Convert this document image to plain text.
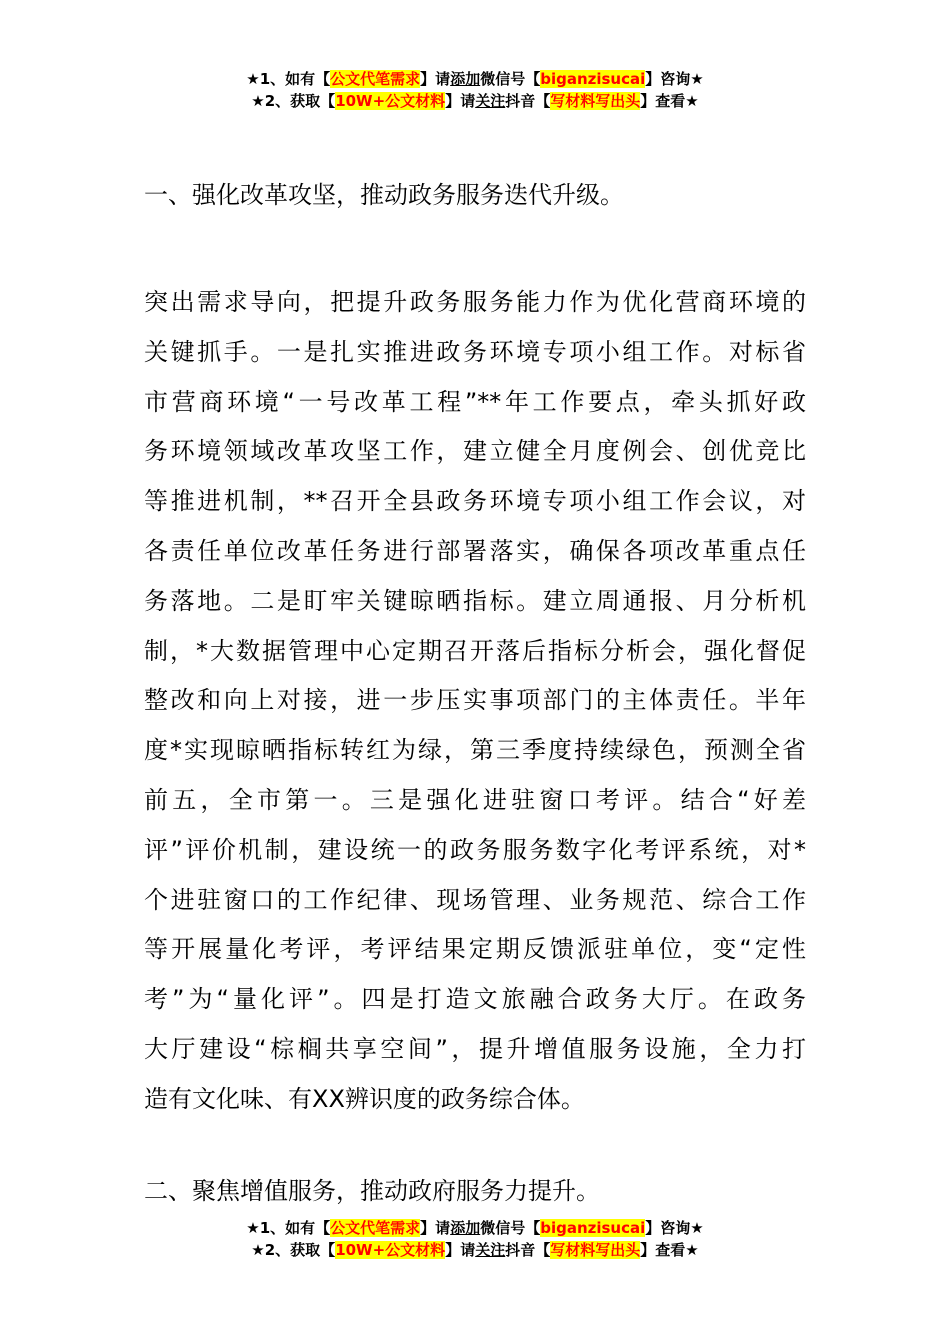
★1、如有【公文代笔需求】请添加微信号【biganzisucai】咨询★
★2、获取【10W+公文材料】请关注抖音【写材料写出头】查看★
一、强化改革攻坚，推动政务服务迭代升级。
突出需求导向，把提升政务服务能力作为优化营商环境的
关键抓手。一是扎实推进政务环境专项小组工作。对标省
市营商环境“一号改革工程”**年工作要点，牵头抓好政
务环境领域改革攻坚工作，建立健全月度例会、创优竞比
等推进机制，**召开全县政务环境专项小组工作会议，对
各责任单位改革任务进行部署落实，确保各项改革重点任
务落地。二是盯牢关键晾晒指标。建立周通报、月分析机
制，*大数据管理中心定期召开落后指标分析会，强化督促
整改和向上对接，进一步压实事项部门的主体责任。半年
度*实现晾晒指标转红为绿，第三季度持续绿色，预测全省
前五，全市第一。三是强化进驻窗口考评。结合“好差
评”评价机制，建设统一的政务服务数字化考评系统，对*
个进驻窗口的工作纪律、现场管理、业务规范、综合工作
等开展量化考评，考评结果定期反馈派驻单位，变“定性
考”为“量化评”。四是打造文旅融合政务大厅。在政务
大厅建设“棕榈共享空间”，提升增值服务设施，全力打
造有文化味、有XX辨识度的政务综合体。
二、聚焦增值服务，推动政府服务力提升。
★1、如有【公文代笔需求】请添加微信号【biganzisucai】咨询★
★2、获取【10W+公文材料】请关注抖音【写材料写出头】查看★
